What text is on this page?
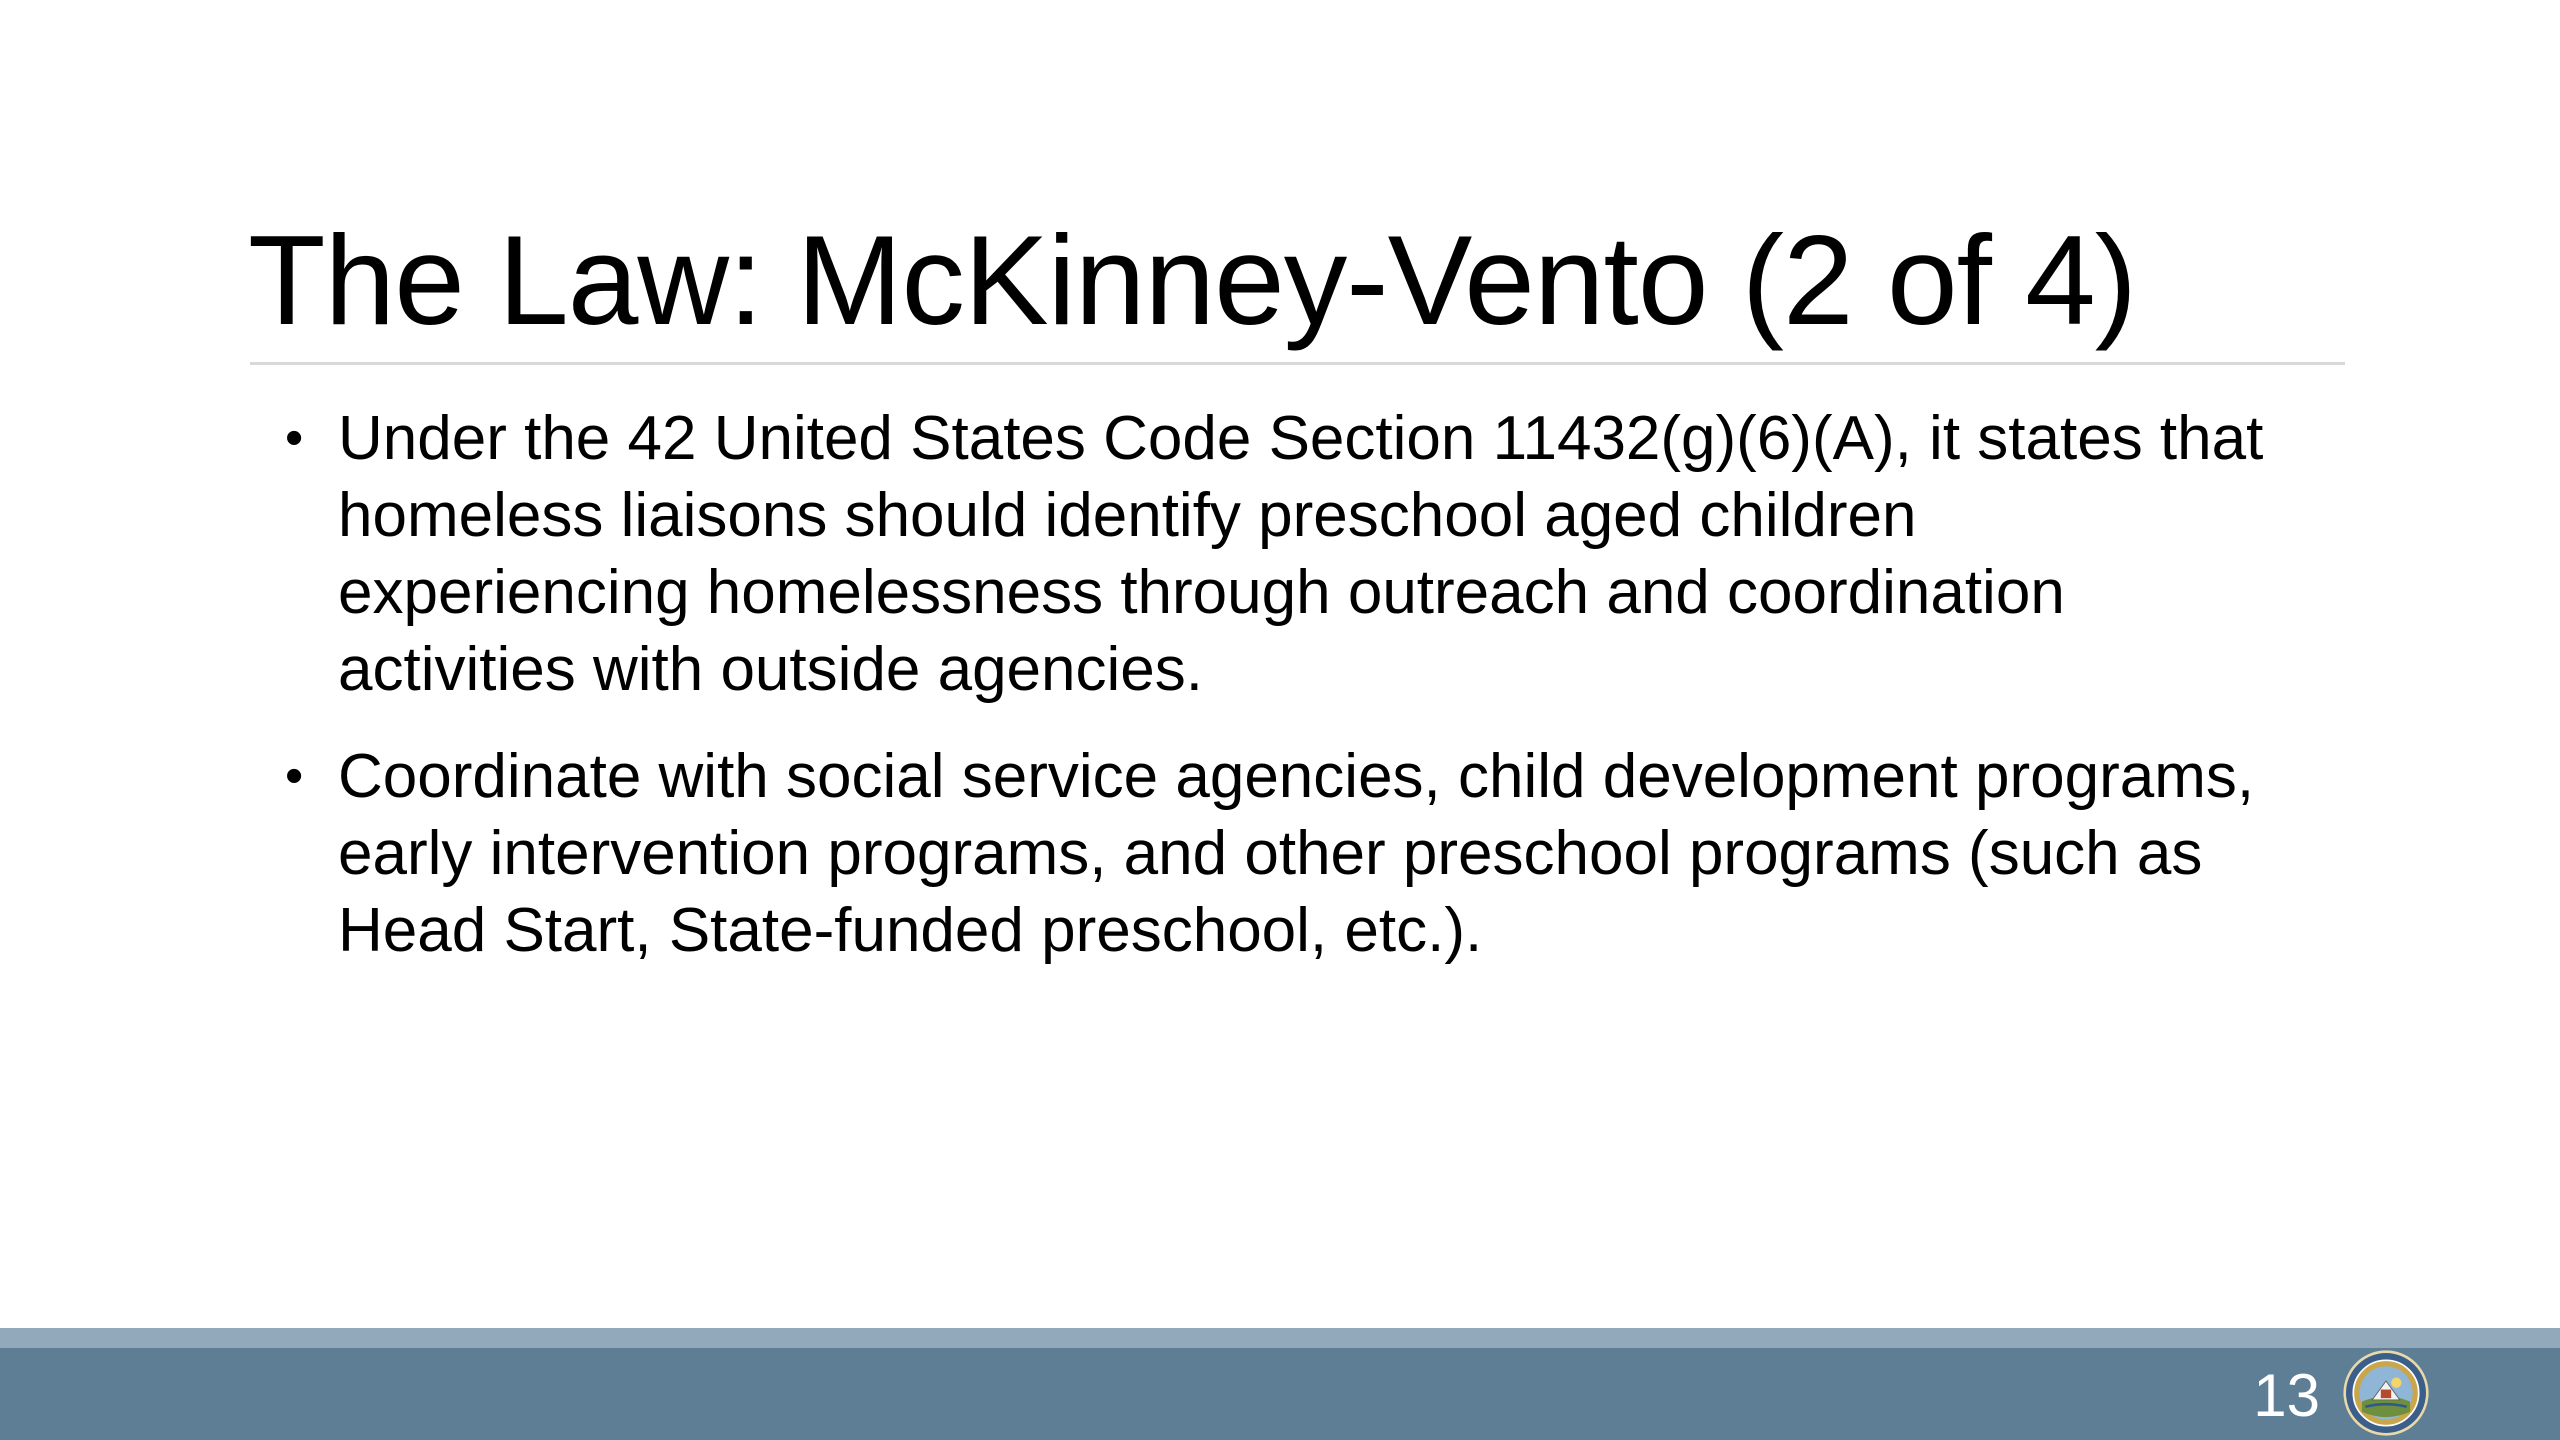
The Law: McKinney-Vento (2 of 4)
• Under the 42 United States Code Section 11432(g)(6)(A), it states that
homeless liaisons should identify preschool aged children
experiencing homelessness through outreach and coordination
activities with outside agencies.
• Coordinate with social service agencies, child development programs,
early intervention programs, and other preschool programs (such as
Head Start, State-funded preschool, etc.).
13
